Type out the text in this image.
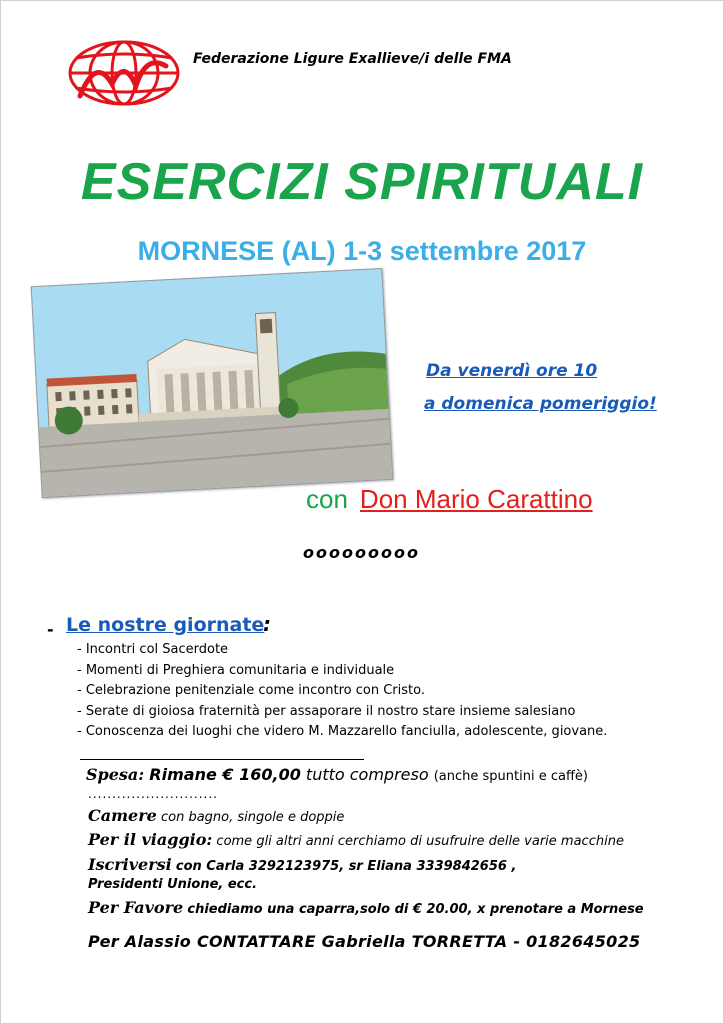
Federazione Ligure Exallieve/i delle FMA
ESERCIZI SPIRITUALI
MORNESE (AL) 1-3 settembre 2017
Da venerdì ore 10
a domenica pomeriggio!
con Don Mario Carattino
ooooooooo
- Le nostre giornate
:
- Incontri col Sacerdote
- Momenti di Preghiera comunitaria e individuale
- Celebrazione penitenziale come incontro con Cristo.
- Serate di gioiosa fraternità per assaporare il nostro stare insieme salesiano
- Conoscenza dei luoghi che videro M. Mazzarello fanciulla, adolescente, giovane.
Spesa: Rimane € 160,00 tutto compreso (anche spuntini e caffè)
...........................
Camere con bagno, singole e doppie
Per il viaggio: come gli altri anni cerchiamo di usufruire delle varie macchine
Iscriversi con Carla 3292123975, sr Eliana 3339842656 ,
Presidenti Unione, ecc.
Per Favore chiediamo una caparra,solo di € 20.00, x prenotare a Mornese
Per Alassio CONTATTARE Gabriella TORRETTA - 0182645025
